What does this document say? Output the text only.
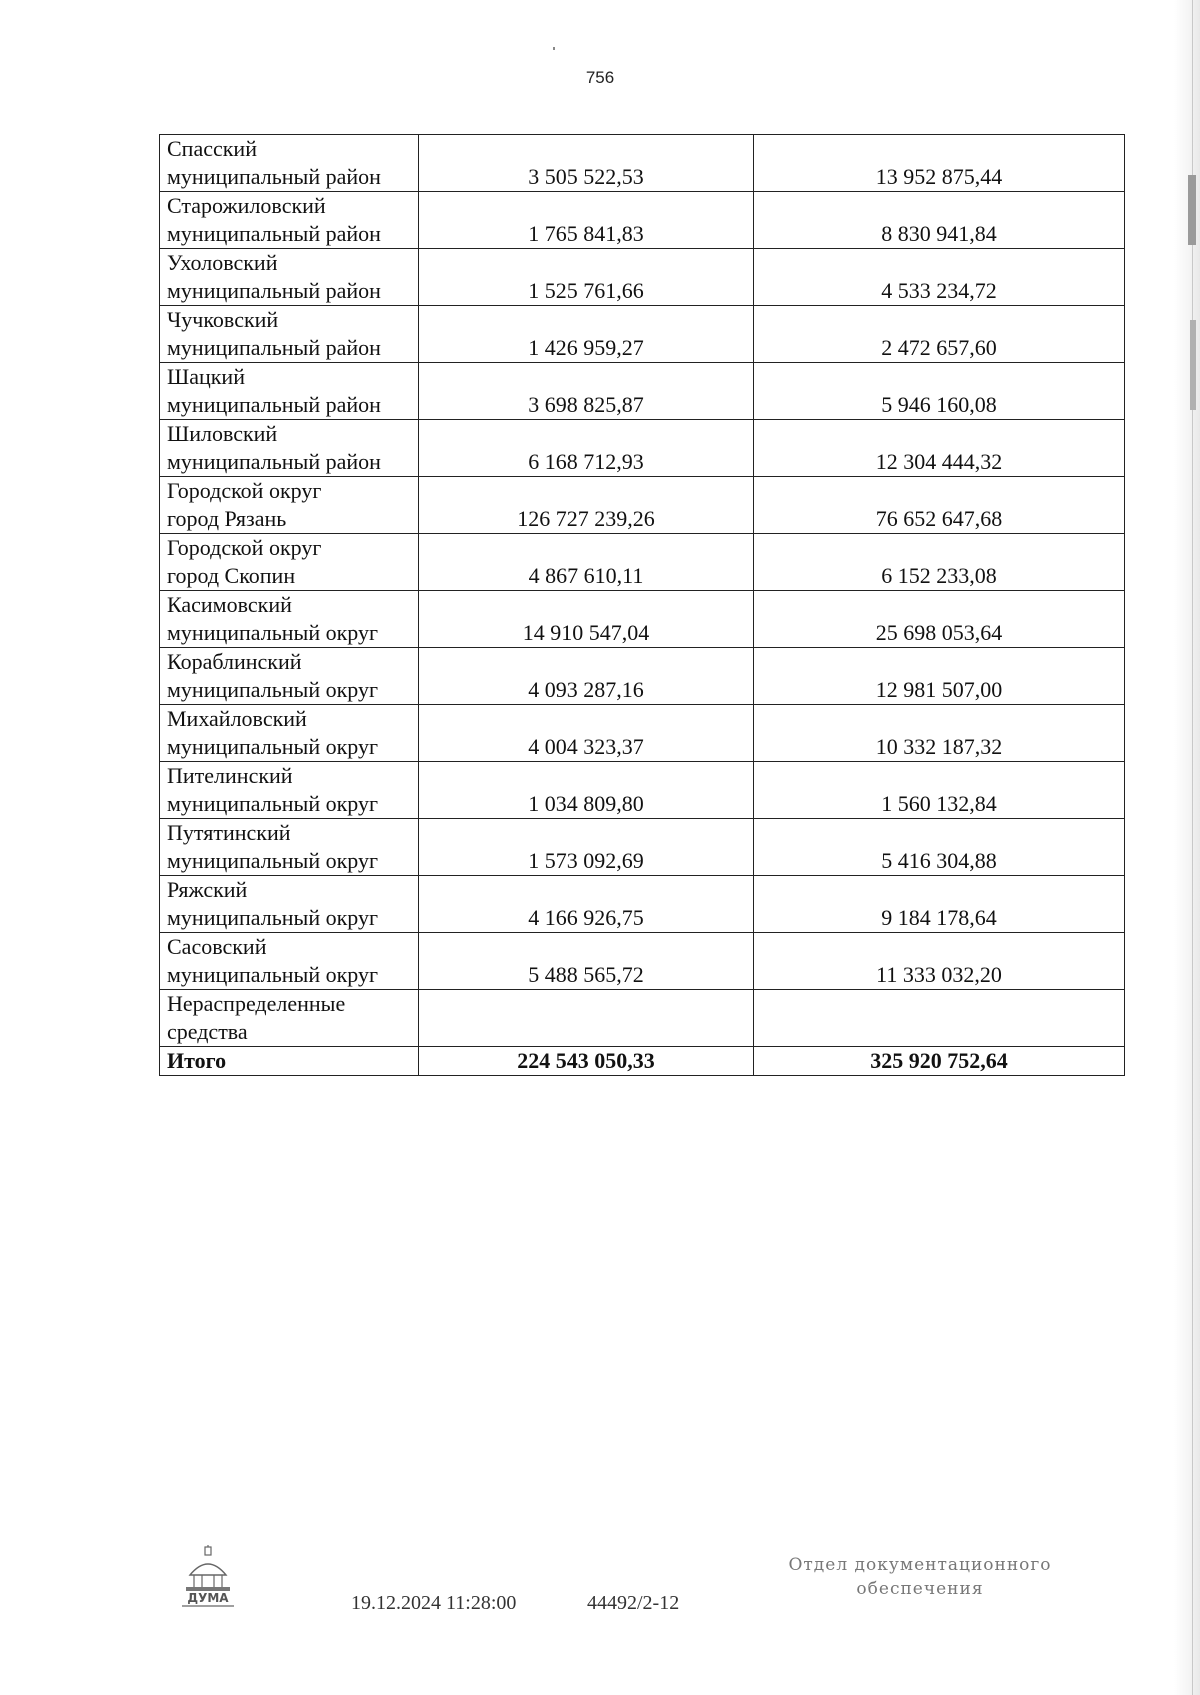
756
Спасский
муниципальный район	3 505 522,53	13 952 875,44

Старожиловский
муниципальный район	1 765 841,83	8 830 941,84

Ухоловский
муниципальный район	1 525 761,66	4 533 234,72

Чучковский
муниципальный район	1 426 959,27	2 472 657,60

Шацкий
муниципальный район	3 698 825,87	5 946 160,08

Шиловский
муниципальный район	6 168 712,93	12 304 444,32

Городской округ
город Рязань	126 727 239,26	76 652 647,68

Городской округ
город Скопин	4 867 610,11	6 152 233,08

Касимовский
муниципальный округ	14 910 547,04	25 698 053,64

Кораблинский
муниципальный округ	4 093 287,16	12 981 507,00

Михайловский
муниципальный округ	4 004 323,37	10 332 187,32

Пителинский
муниципальный округ	1 034 809,80	1 560 132,84

Путятинский
муниципальный округ	1 573 092,69	5 416 304,88

Ряжский
муниципальный округ	4 166 926,75	9 184 178,64

Сасовский
муниципальный округ	5 488 565,72	11 333 032,20

Нераспределенные
средства		

Итого	224 543 050,33	325 920 752,64
ДУМА	19.12.2024 11:28:00	44492/2-12
Отдел документационного
обеспечения
